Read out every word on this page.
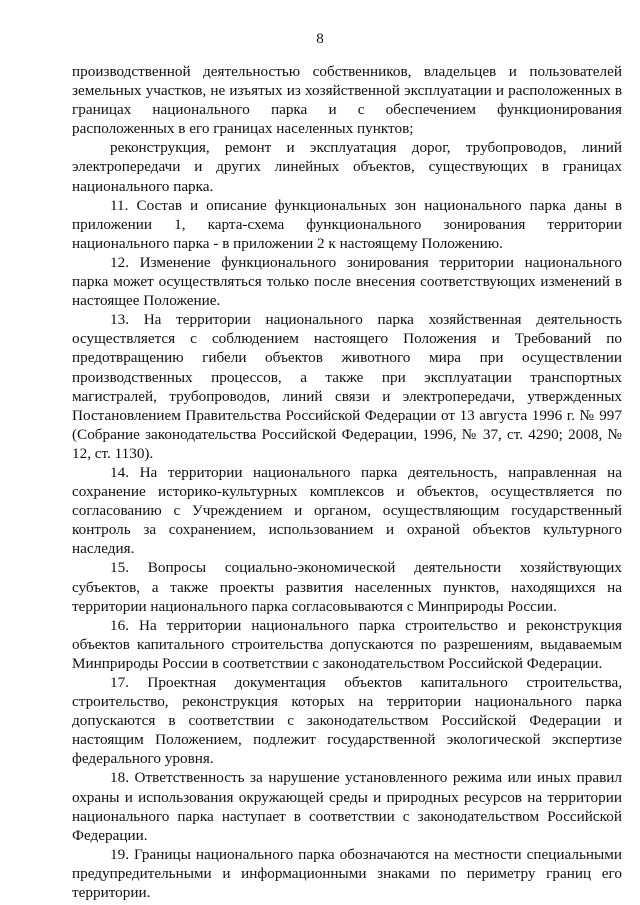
8

производственной деятельностью собственников, владельцев и пользователей земельных участков, не изъятых из хозяйственной эксплуатации и расположенных в границах национального парка и с обеспечением функционирования расположенных в его границах населенных пунктов;

реконструкция, ремонт и эксплуатация дорог, трубопроводов, линий электропередачи и других линейных объектов, существующих в границах национального парка.

11. Состав и описание функциональных зон национального парка даны в приложении 1, карта-схема функционального зонирования территории национального парка - в приложении 2 к настоящему Положению.

12. Изменение функционального зонирования территории национального парка может осуществляться только после внесения соответствующих изменений в настоящее Положение.

13. На территории национального парка хозяйственная деятельность осуществляется с соблюдением настоящего Положения и Требований по предотвращению гибели объектов животного мира при осуществлении производственных процессов, а также при эксплуатации транспортных магистралей, трубопроводов, линий связи и электропередачи, утвержденных Постановлением Правительства Российской Федерации от 13 августа 1996 г. № 997 (Собрание законодательства Российской Федерации, 1996, № 37, ст. 4290; 2008, № 12, ст. 1130).

14. На территории национального парка деятельность, направленная на сохранение историко-культурных комплексов и объектов, осуществляется по согласованию с Учреждением и органом, осуществляющим государственный контроль за сохранением, использованием и охраной объектов культурного наследия.

15. Вопросы социально-экономической деятельности хозяйствующих субъектов, а также проекты развития населенных пунктов, находящихся на территории национального парка согласовываются с Минприроды России.

16. На территории национального парка строительство и реконструкция объектов капитального строительства допускаются по разрешениям, выдаваемым Минприроды России в соответствии с законодательством Российской Федерации.

17. Проектная документация объектов капитального строительства, строительство, реконструкция которых на территории национального парка допускаются в соответствии с законодательством Российской Федерации и настоящим Положением, подлежит государственной экологической экспертизе федерального уровня.

18. Ответственность за нарушение установленного режима или иных правил охраны и использования окружающей среды и природных ресурсов на территории национального парка наступает в соответствии с законодательством Российской Федерации.

19. Границы национального парка обозначаются на местности специальными предупредительными и информационными знаками по периметру границ его территории.
